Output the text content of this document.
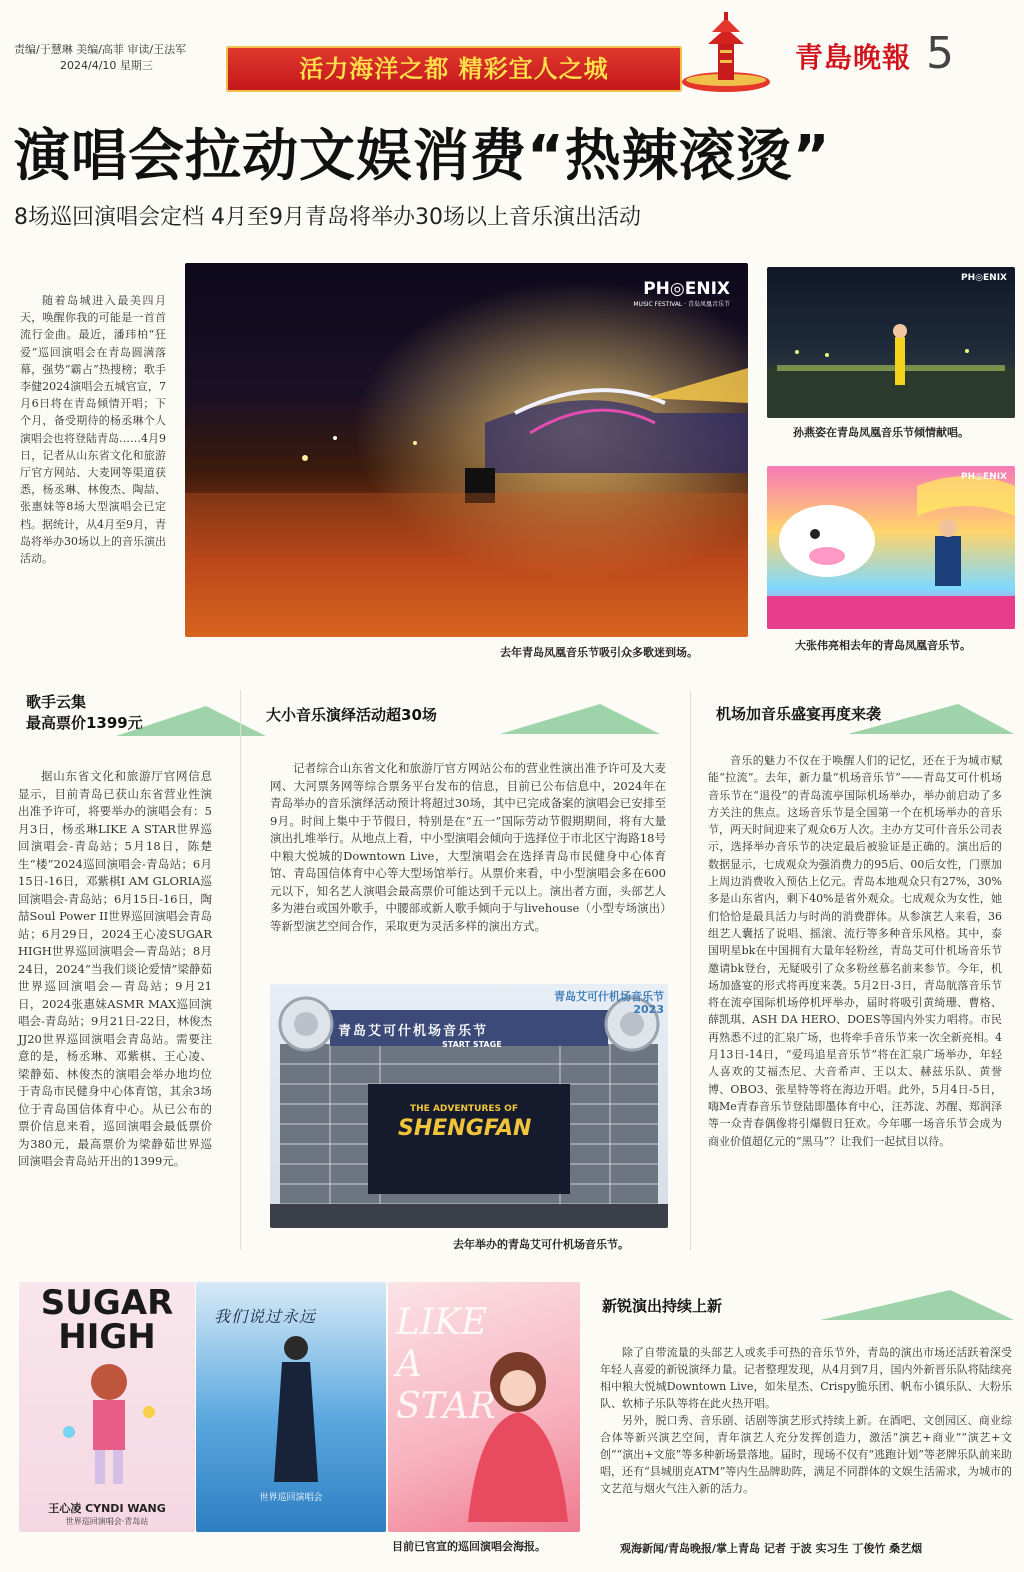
责编/于慧琳 美编/高菲 审读/王法军
2024/4/10 星期三	活力海洋之都 精彩宜人之城	青島晚報 5
演唱会拉动文娱消费“热辣滚烫”
8场巡回演唱会定档 4月至9月青岛将举办30场以上音乐演出活动
随着岛城进入最美四月天，唤醒你我的可能是一首首流行金曲。最近，潘玮柏“狂爱”巡回演唱会在青岛圆满落幕，强势“霸占”热搜榜；歌手李健2024演唱会五城官宣，7月6日将在青岛倾情开唱；下个月，备受期待的杨丞琳个人演唱会也将登陆青岛……4月9日，记者从山东省文化和旅游厅官方网站、大麦网等渠道获悉，杨丞琳、林俊杰、陶喆、张惠妹等8场大型演唱会已定档。据统计，从4月至9月，青岛将举办30场以上的音乐演出活动。
PH◎ENIX
MUSIC FESTIVAL · 青岛凤凰音乐节
去年青岛凤凰音乐节吸引众多歌迷到场。
PH◎ENIX
孙燕姿在青岛凤凰音乐节倾情献唱。
PH◎ENIX
大张伟亮相去年的青岛凤凰音乐节。
歌手云集
最高票价1399元
据山东省文化和旅游厅官网信息显示，目前青岛已获山东省营业性演出准予许可，将要举办的演唱会有：5月3日，杨丞琳LIKE A STAR世界巡回演唱会-青岛站；5月18日，陈楚生“楼”2024巡回演唱会-青岛站；6月15日-16日，邓紫棋I AM GLORIA巡回演唱会-青岛站；6月15日-16日，陶喆Soul Power II世界巡回演唱会青岛站；6月29日，2024王心凌SUGAR HIGH世界巡回演唱会—青岛站；8月24日，2024“当我们谈论爱情”梁静茹世界巡回演唱会—青岛站；9月21日，2024张惠妹ASMR MAX巡回演唱会-青岛站；9月21日-22日，林俊杰JJ20世界巡回演唱会青岛站。需要注意的是，杨丞琳、邓紫棋、王心凌、梁静茹、林俊杰的演唱会举办地均位于青岛市民健身中心体育馆，其余3场位于青岛国信体育中心。从已公布的票价信息来看，巡回演唱会最低票价为380元，最高票价为梁静茹世界巡回演唱会青岛站开出的1399元。
大小音乐演绎活动超30场
记者综合山东省文化和旅游厅官方网站公布的营业性演出准予许可及大麦网、大河票务网等综合票务平台发布的信息，目前已公布信息中，2024年在青岛举办的音乐演绎活动预计将超过30场，其中已完成备案的演唱会已安排至9月。时间上集中于节假日，特别是在“五一”国际劳动节假期期间，将有大量演出扎堆举行。从地点上看，中小型演唱会倾向于选择位于市北区宁海路18号中粮大悦城的Downtown Live，大型演唱会在选择青岛市民健身中心体育馆、青岛国信体育中心等大型场馆举行。从票价来看，中小型演唱会多在600元以下，知名艺人演唱会最高票价可能达到千元以上。演出者方面，头部艺人多为港台或国外歌手，中腰部或新人歌手倾向于与livehouse（小型专场演出）等新型演艺空间合作，采取更为灵活多样的演出方式。
青岛艾可什机场音乐节
START STAGE
THE ADVENTURES OF
SHENGFAN
青岛艾可什机场音乐节 2023
去年举办的青岛艾可什机场音乐节。
机场加音乐盛宴再度来袭
音乐的魅力不仅在于唤醒人们的记忆，还在于为城市赋能“拉流”。去年，新力量“机场音乐节”——青岛艾可什机场音乐节在“退役”的青岛流亭国际机场举办，举办前启动了多方关注的焦点。这场音乐节是全国第一个在机场举办的音乐节，两天时间迎来了观众6万人次。主办方艾可什音乐公司表示，选择举办音乐节的决定最后被验证是正确的。演出后的数据显示，七成观众为强消费力的95后、00后女性，门票加上周边消费收入预估上亿元。青岛本地观众只有27%，30%多是山东省内，剩下40%是省外观众。七成观众为女性，她们恰恰是最具活力与时尚的消费群体。从参演艺人来看，36组艺人囊括了说唱、摇滚、流行等多种音乐风格。其中，泰国明星bk在中国拥有大量年轻粉丝，青岛艾可什机场音乐节邀请bk登台，无疑吸引了众多粉丝慕名前来参节。今年，机场加盛宴的形式将再度来袭。5月2日-3日，青岛航落音乐节将在流亭国际机场停机坪举办，届时将吸引黄绮珊、曹格、薛凯琪、ASH DA HERO、DOES等国内外实力唱将。市民再熟悉不过的汇泉广场，也将牵手音乐节来一次全新亮相。4月13日-14日，“爱玛追星音乐节”将在汇泉广场举办，年轻人喜欢的艾福杰尼、大音希声、王以太、赫兹乐队、黄誉博、OBO3、张星特等将在海边开唱。此外，5月4日-5日，嗨Me青春音乐节登陆即墨体育中心，汪苏泷、苏醒、郑润泽等一众青春偶像将引爆假日狂欢。今年哪一场音乐节会成为商业价值超亿元的“黑马”？让我们一起拭目以待。
SUGAR HIGH
王心凌 CYNDI WANG
世界巡回演唱会·青岛站
我们说过永远
世界巡回演唱会
LIKE A STAR
目前已官宣的巡回演唱会海报。
新锐演出持续上新
除了自带流量的头部艺人或炙手可热的音乐节外，青岛的演出市场还活跃着深受年轻人喜爱的新锐演绎力量。记者整理发现，从4月到7月，国内外新晋乐队将陆续亮相中粮大悦城Downtown Live，如朱星杰、Crispy脆乐团、帆布小镇乐队、大粉乐队、软柿子乐队等将在此火热开唱。
另外，脱口秀、音乐剧、话剧等演艺形式持续上新。在酒吧、文创园区、商业综合体等新兴演艺空间，青年演艺人充分发挥创造力，激活“演艺+商业”“演艺+文创”“演出+文旅”等多种新场景落地。届时，现场不仅有“逃跑计划”等老牌乐队前来助唱，还有“县城朋克ATM”等内生品牌助阵，满足不同群体的文娱生活需求，为城市的文艺范与烟火气注入新的活力。
观海新闻/青岛晚报/掌上青岛 记者 于波 实习生 丁俊竹 桑艺烟
